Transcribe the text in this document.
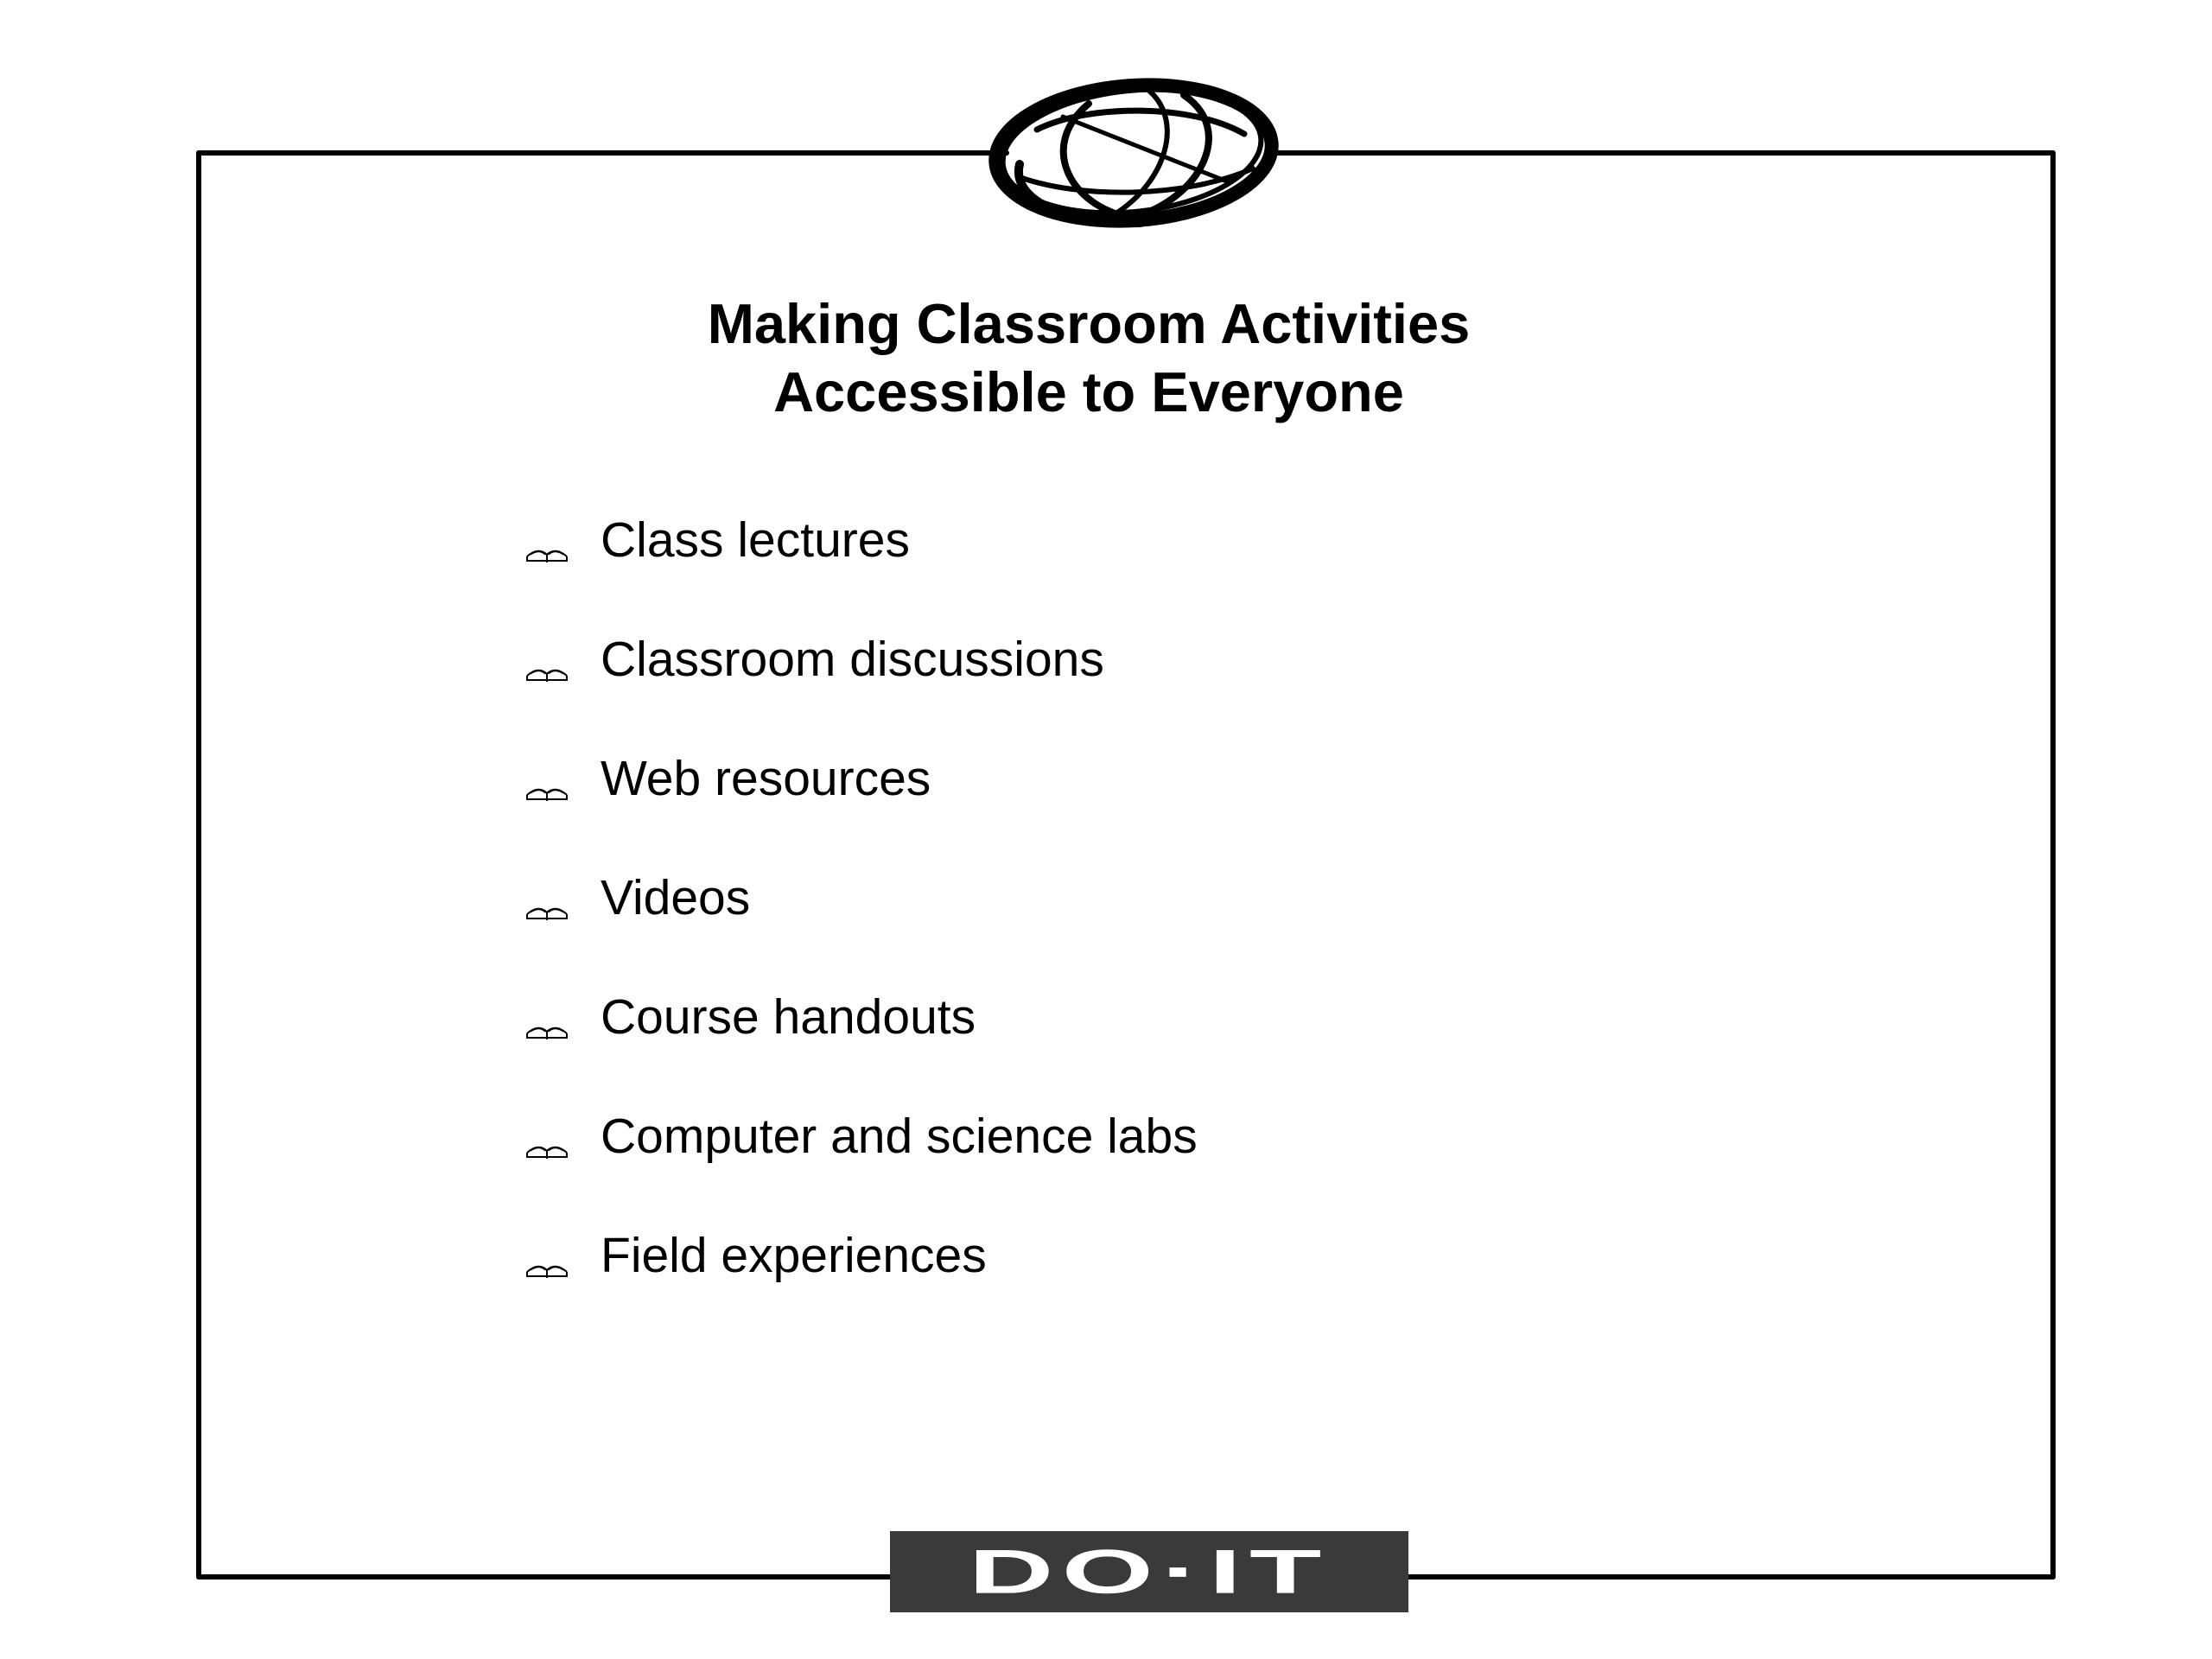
Making Classroom Activities
Accessible to Everyone
Class lectures
Classroom discussions
Web resources
Videos
Course handouts
Computer and science labs
Field experiences
DO·IT
